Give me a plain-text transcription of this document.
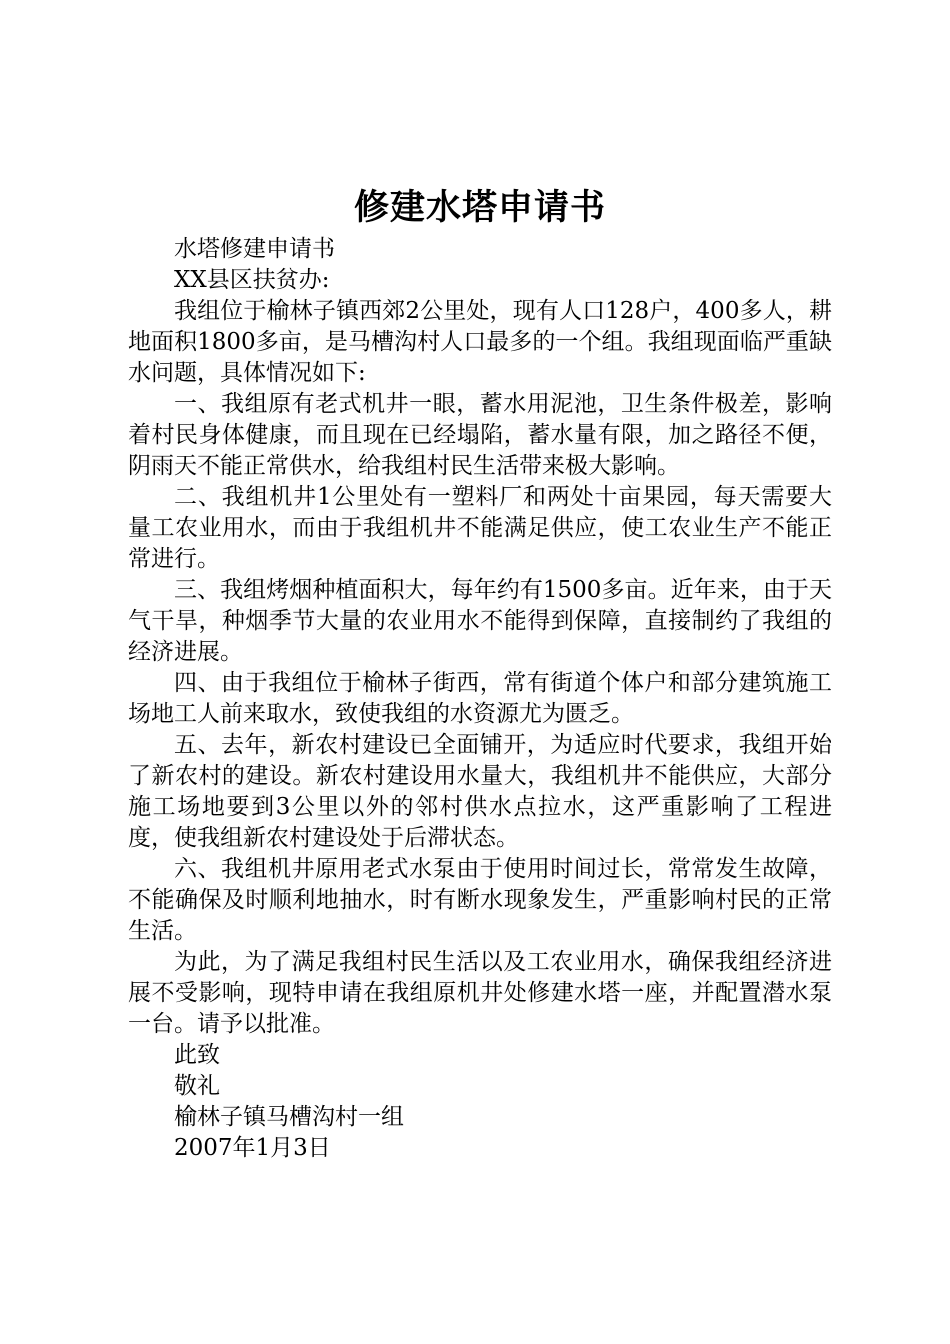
修建水塔申请书

水塔修建申请书

XX县区扶贫办:

我组位于榆林子镇西郊2公里处，现有人口128户，400多人，耕地面积1800多亩，是马槽沟村人口最多的一个组。我组现面临严重缺水问题，具体情况如下:

一、我组原有老式机井一眼，蓄水用泥池，卫生条件极差，影响着村民身体健康，而且现在已经塌陷，蓄水量有限，加之路径不便，阴雨天不能正常供水，给我组村民生活带来极大影响。

二、我组机井1公里处有一塑料厂和两处十亩果园，每天需要大量工农业用水，而由于我组机井不能满足供应，使工农业生产不能正常进行。

三、我组烤烟种植面积大，每年约有1500多亩。近年来，由于天气干旱，种烟季节大量的农业用水不能得到保障，直接制约了我组的经济进展。

四、由于我组位于榆林子街西，常有街道个体户和部分建筑施工场地工人前来取水，致使我组的水资源尤为匮乏。

五、去年，新农村建设已全面铺开，为适应时代要求，我组开始了新农村的建设。新农村建设用水量大，我组机井不能供应，大部分施工场地要到3公里以外的邻村供水点拉水，这严重影响了工程进度，使我组新农村建设处于后滞状态。

六、我组机井原用老式水泵由于使用时间过长，常常发生故障，不能确保及时顺利地抽水，时有断水现象发生，严重影响村民的正常生活。

为此，为了满足我组村民生活以及工农业用水，确保我组经济进展不受影响，现特申请在我组原机井处修建水塔一座，并配置潜水泵一台。请予以批准。

此致

敬礼

榆林子镇马槽沟村一组

2007年1月3日
